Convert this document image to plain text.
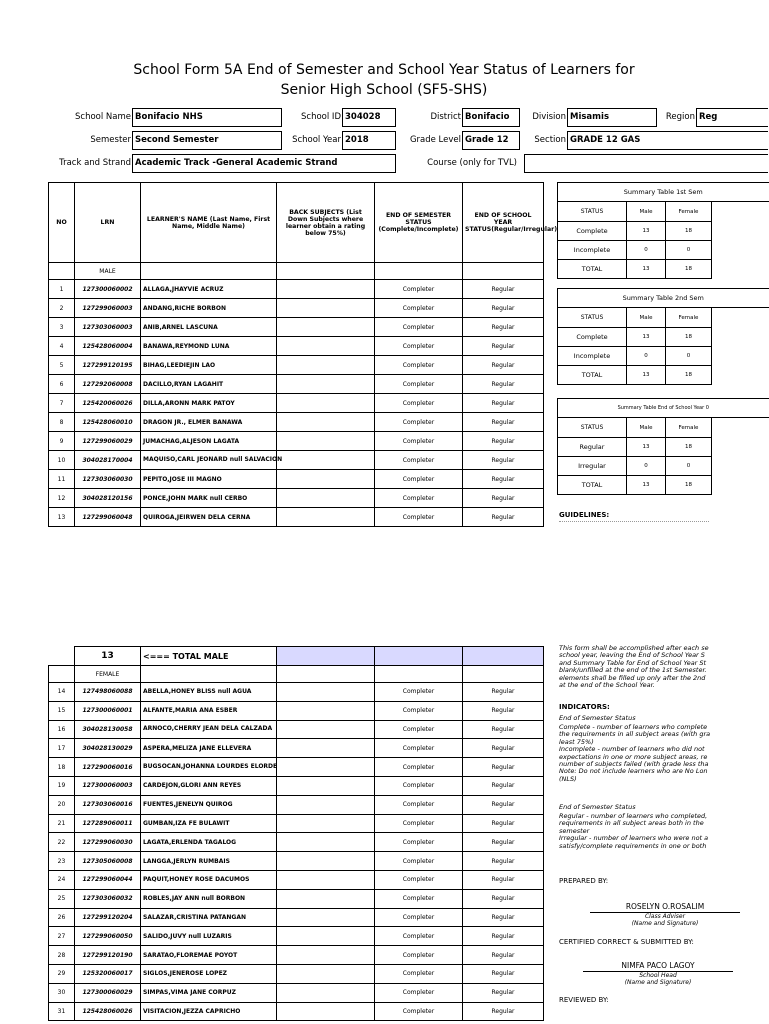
School Form 5A End of Semester and School Year Status of Learners for
Senior High School (SF5-SHS)
School Name Bonifacio NHS	School ID 304028	District Bonifacio	Division Misamis	Region Reg
Semester Second Semester	School Year 2018	Grade Level Grade 12	Section GRADE 12 GAS
Track and Strand Academic Track -General Academic Strand	Course (only for TVL)
NO	LRN	LEARNER'S NAME (Last Name, First Name, Middle Name)	BACK SUBJECTS (List Down Subjects where learner obtain a rating below 75%)	END OF SEMESTER STATUS (Complete/Incomplete)	END OF SCHOOL YEAR STATUS(Regular/Irregular)
	MALE				
1	127300060002	ALLAGA,JHAYVIE ACRUZ		Completer	Regular
2	127299060003	ANDANG,RICHE BORBON		Completer	Regular
3	127303060003	ANIB,ARNEL LASCUNA		Completer	Regular
4	125428060004	BANAWA,REYMOND LUNA		Completer	Regular
5	127299120195	BIHAG,LEEDIEJIN LAO		Completer	Regular
6	127292060008	DACILLO,RYAN LAGAHIT		Completer	Regular
7	125420060026	DILLA,ARONN MARK PATOY		Completer	Regular
8	125428060010	DRAGON JR., ELMER BANAWA		Completer	Regular
9	127299060029	JUMACHAG,ALJESON LAGATA		Completer	Regular
10	304028170004	MAQUISO,CARL JEONARD null SALVACION		Completer	Regular
11	127303060030	PEPITO,JOSE III MAGNO		Completer	Regular
12	304028120156	PONCE,JOHN MARK null CERBO		Completer	Regular
13	127299060048	QUIROGA,JEIRWEN DELA CERNA		Completer	Regular
	13	<=== TOTAL MALE			
	FEMALE				
14	127498060088	ABELLA,HONEY BLISS null AGUA		Completer	Regular
15	127300060001	ALFANTE,MARIA ANA ESBER		Completer	Regular
16	304028130058	ARNOCO,CHERRY JEAN DELA CALZADA		Completer	Regular
17	304028130029	ASPERA,MELIZA JANE ELLEVERA		Completer	Regular
18	127290060016	BUGSOCAN,JOHANNA LOURDES ELORDE		Completer	Regular
19	127300060003	CARDEJON,GLORI ANN REYES		Completer	Regular
20	127303060016	FUENTES,JENELYN QUIROG		Completer	Regular
21	127289060011	GUMBAN,IZA FE BULAWIT		Completer	Regular
22	127299060030	LAGATA,ERLENDA TAGALOG		Completer	Regular
23	127305060008	LANGGA,JERLYN RUMBAIS		Completer	Regular
24	127299060044	PAQUIT,HONEY ROSE DACUMOS		Completer	Regular
25	127303060032	ROBLES,JAY ANN null BORBON		Completer	Regular
26	127299120204	SALAZAR,CRISTINA PATANGAN		Completer	Regular
27	127299060050	SALIDO,JUVY null LUZARIS		Completer	Regular
28	127299120190	SARATAO,FLOREMAE POYOT		Completer	Regular
29	125320060017	SIGLOS,JENEROSE LOPEZ		Completer	Regular
30	127300060029	SIMPAS,VIMA JANE CORPUZ		Completer	Regular
31	125428060026	VISITACION,JEZZA CAPRICHO		Completer	Regular
Summary Table 1st Sem			
STATUS	Male	Female	
Complete	13	18	
Incomplete	0	0	
TOTAL	13	18	
Summary Table 2nd Sem			
STATUS	Male	Female	
Complete	13	18	
Incomplete	0	0	
TOTAL	13	18	
Summary Table End of School Year 0			
STATUS	Male	Female	
Regular	13	18	
Irregular	0	0	
TOTAL	13	18	
GUIDELINES:
This form shall be accomplished after each se
school year, leaving the End of School Year S
and Summary Table for End of School Year St
blank/unfilled at the end of the 1st Semester.
elements shall be filled up only after the 2nd
at the end of the School Year.
INDICATORS:
End of Semester Status
Complete - number of learners who complete
the requirements in all subject areas (with gra
least 75%)
Incomplete - number of learners who did not
expectations in one or more subject areas, re
number of subjects failed (with grade less tha
Note: Do not include learners who are No Lon
(NLS)
End of Semester Status
Regular - number of learners who completed,
requirements in all subject areas both in the
semester
Irregular - number of learners who were not a
satisfy/complete requirements in one or both
PREPARED BY:
ROSELYN O.ROSALIM
Class Adviser
(Name and Signature)
CERTIFIED CORRECT & SUBMITTED BY:
NIMFA PACO LAGOY
School Head
(Name and Signature)
REVIEWED BY:
